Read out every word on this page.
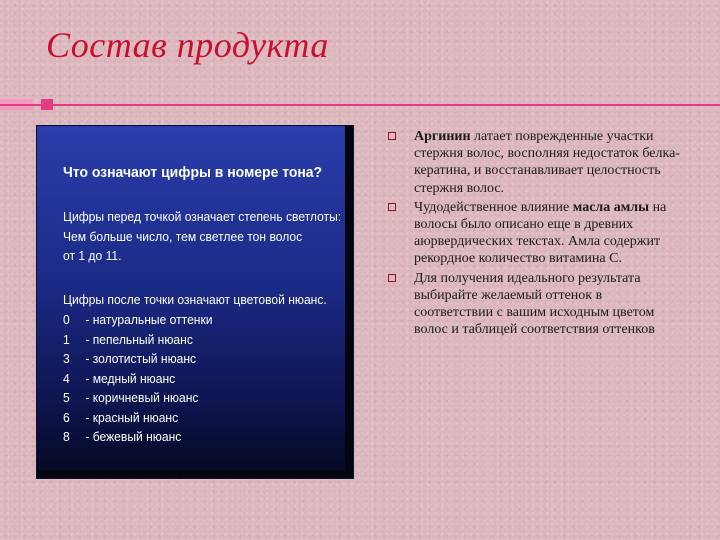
Состав продукта

Что означают цифры в номере тона?

Цифры перед точкой означает степень светлоты:
Чем больше число, тем светлее тон волос
от 1 до 11.

Цифры после точки означают цветовой нюанс.

0	- натуральные оттенки
1	- пепельный нюанс
3	- золотистый нюанс
4	- медный нюанс
5	- коричневый нюанс
6	- красный нюанс
8	- бежевый нюанс
Аргинин латает поврежденные участки стержня волос, восполняя недостаток белка-кератина, и восстанавливает целостность стержня волос.
Чудодейственное влияние масла амлы на волосы было описано еще в древних аюрвердических текстах. Амла содержит рекордное количество витамина С.
Для получения идеального результата выбирайте желаемый оттенок в соответствии с вашим исходным цветом волос и таблицей соответствия оттенков
